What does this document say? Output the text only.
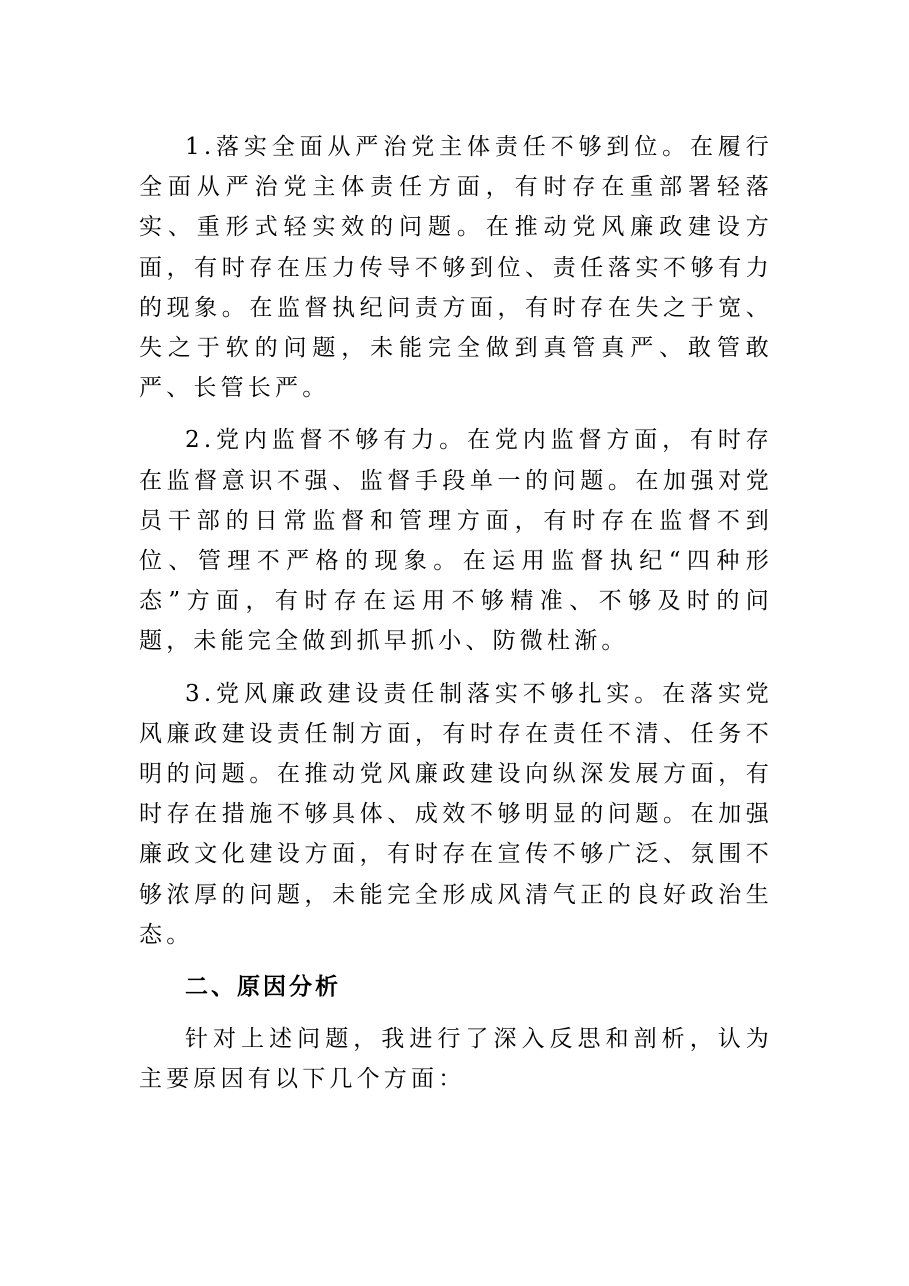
1.落实全面从严治党主体责任不够到位。在履行全面从严治党主体责任方面，有时存在重部署轻落实、重形式轻实效的问题。在推动党风廉政建设方面，有时存在压力传导不够到位、责任落实不够有力的现象。在监督执纪问责方面，有时存在失之于宽、失之于软的问题，未能完全做到真管真严、敢管敢严、长管长严。

2.党内监督不够有力。在党内监督方面，有时存在监督意识不强、监督手段单一的问题。在加强对党员干部的日常监督和管理方面，有时存在监督不到位、管理不严格的现象。在运用监督执纪“四种形态”方面，有时存在运用不够精准、不够及时的问题，未能完全做到抓早抓小、防微杜渐。

3.党风廉政建设责任制落实不够扎实。在落实党风廉政建设责任制方面，有时存在责任不清、任务不明的问题。在推动党风廉政建设向纵深发展方面，有时存在措施不够具体、成效不够明显的问题。在加强廉政文化建设方面，有时存在宣传不够广泛、氛围不够浓厚的问题，未能完全形成风清气正的良好政治生态。

二、原因分析

针对上述问题，我进行了深入反思和剖析，认为主要原因有以下几个方面：
